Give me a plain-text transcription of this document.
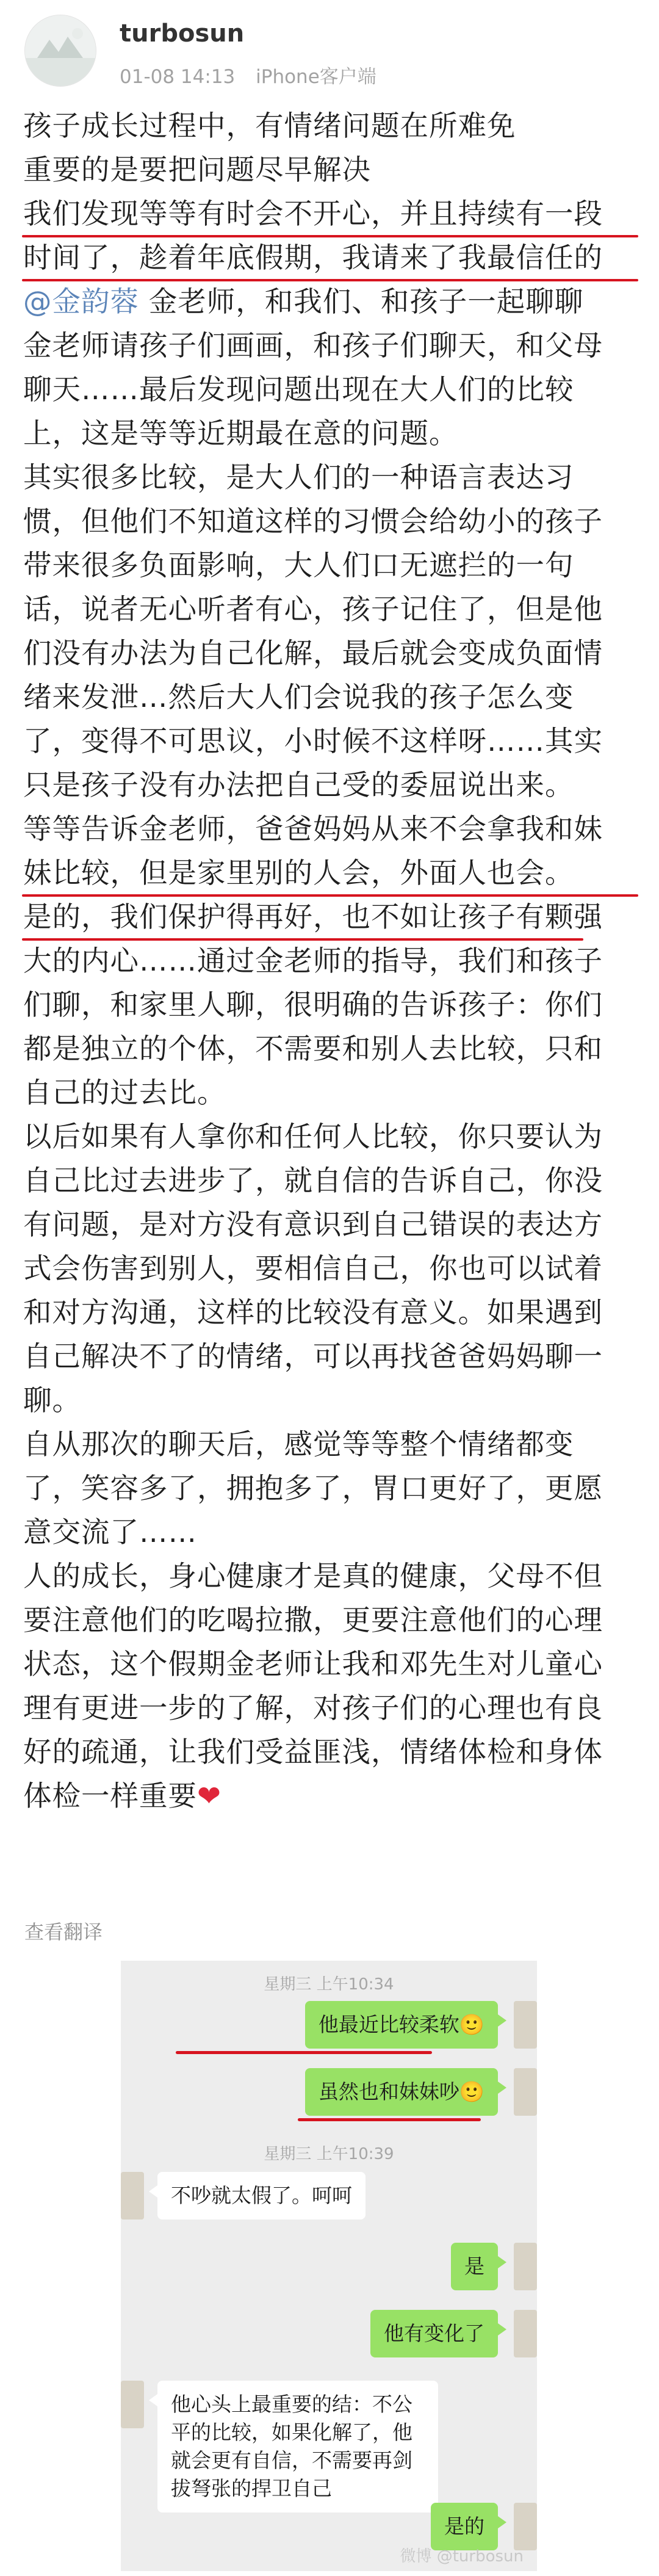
turbosun
01-08 14:13 iPhone客户端

孩子成长过程中，有情绪问题在所难免

重要的是要把问题尽早解决

我们发现等等有时会不开心，并且持续有一段

时间了，趁着年底假期，我请来了我最信任的

@金韵蓉 金老师，和我们、和孩子一起聊聊

金老师请孩子们画画，和孩子们聊天，和父母

聊天……最后发现问题出现在大人们的比较

上，这是等等近期最在意的问题。

其实很多比较，是大人们的一种语言表达习

惯，但他们不知道这样的习惯会给幼小的孩子

带来很多负面影响，大人们口无遮拦的一句

话，说者无心听者有心，孩子记住了，但是他

们没有办法为自己化解，最后就会变成负面情

绪来发泄…然后大人们会说我的孩子怎么变

了，变得不可思议，小时候不这样呀……其实

只是孩子没有办法把自己受的委屈说出来。

等等告诉金老师，爸爸妈妈从来不会拿我和妹

妹比较，但是家里别的人会，外面人也会。

是的，我们保护得再好，也不如让孩子有颗强

大的内心……通过金老师的指导，我们和孩子

们聊，和家里人聊，很明确的告诉孩子：你们

都是独立的个体，不需要和别人去比较，只和

自己的过去比。

以后如果有人拿你和任何人比较，你只要认为

自己比过去进步了，就自信的告诉自己，你没

有问题，是对方没有意识到自己错误的表达方

式会伤害到别人，要相信自己，你也可以试着

和对方沟通，这样的比较没有意义。如果遇到

自己解决不了的情绪，可以再找爸爸妈妈聊一

聊。

自从那次的聊天后，感觉等等整个情绪都变

了，笑容多了，拥抱多了，胃口更好了，更愿

意交流了……

人的成长，身心健康才是真的健康，父母不但

要注意他们的吃喝拉撒，更要注意他们的心理

状态，这个假期金老师让我和邓先生对儿童心

理有更进一步的了解，对孩子们的心理也有良

好的疏通，让我们受益匪浅，情绪体检和身体

体检一样重要❤

查看翻译
星期三 上午10:34
他最近比较柔软🙂
虽然也和妹妹吵🙂
星期三 上午10:39
不吵就太假了。呵呵
是
他有变化了
他心头上最重要的结：不公平的比较，如果化解了，他就会更有自信，不需要再剑拔弩张的捍卫自己
是的
微博 @turbosun
